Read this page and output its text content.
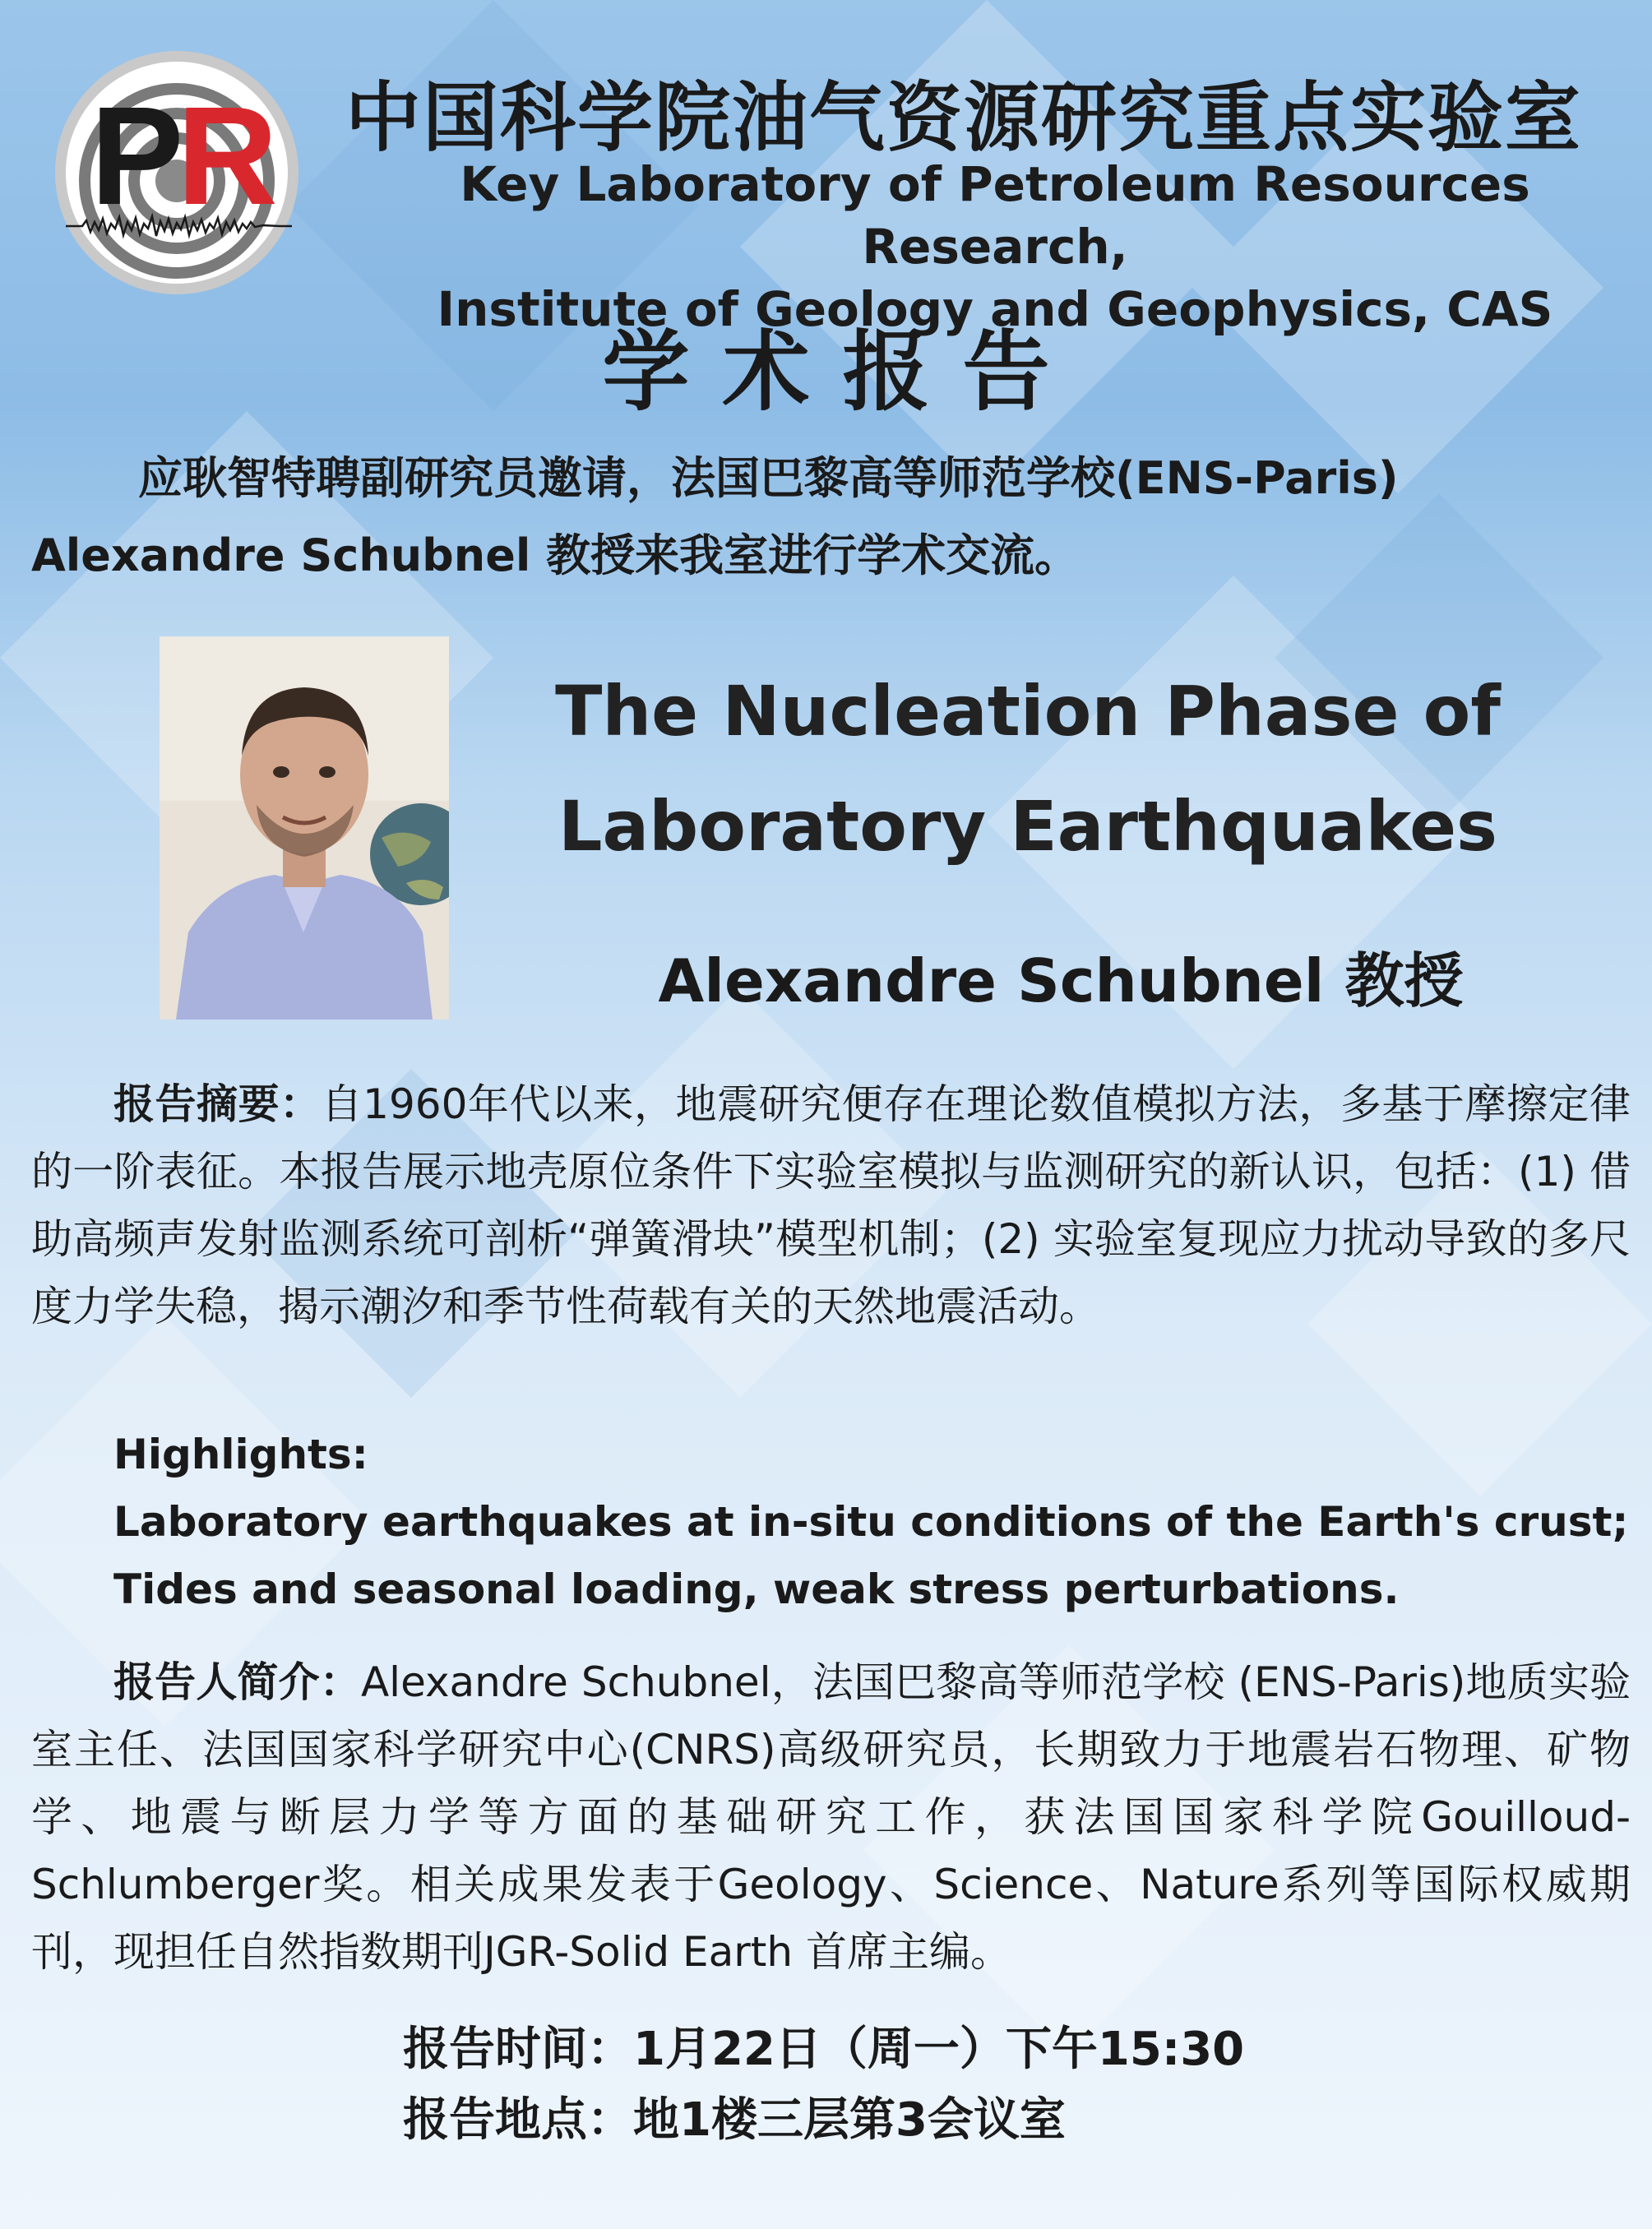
P
R 中国科学院油气资源研究重点实验室
Key Laboratory of Petroleum Resources Research,
Institute of Geology and Geophysics, CAS
学术报告
应耿智特聘副研究员邀请，法国巴黎高等师范学校(ENS-Paris)
Alexandre Schubnel 教授来我室进行学术交流。
The Nucleation Phase of
Laboratory Earthquakes
Alexandre Schubnel 教授
报告摘要：自1960年代以来，地震研究便存在理论数值模拟方法，多基于摩擦定律的一阶表征。本报告展示地壳原位条件下实验室模拟与监测研究的新认识，包括：(1) 借助高频声发射监测系统可剖析“弹簧滑块”模型机制；(2) 实验室复现应力扰动导致的多尺度力学失稳，揭示潮汐和季节性荷载有关的天然地震活动。
Highlights:
Laboratory earthquakes at in-situ conditions of the Earth's crust;
Tides and seasonal loading, weak stress perturbations.
报告人简介：Alexandre Schubnel，法国巴黎高等师范学校 (ENS-Paris)地质实验室主任、法国国家科学研究中心(CNRS)高级研究员，长期致力于地震岩石物理、矿物学、地震与断层力学等方面的基础研究工作，获法国国家科学院Gouilloud-Schlumberger奖。相关成果发表于Geology、Science、Nature系列等国际权威期刊，现担任自然指数期刊JGR-Solid Earth 首席主编。
报告时间：1月22日（周一）下午15:30
报告地点：地1楼三层第3会议室
